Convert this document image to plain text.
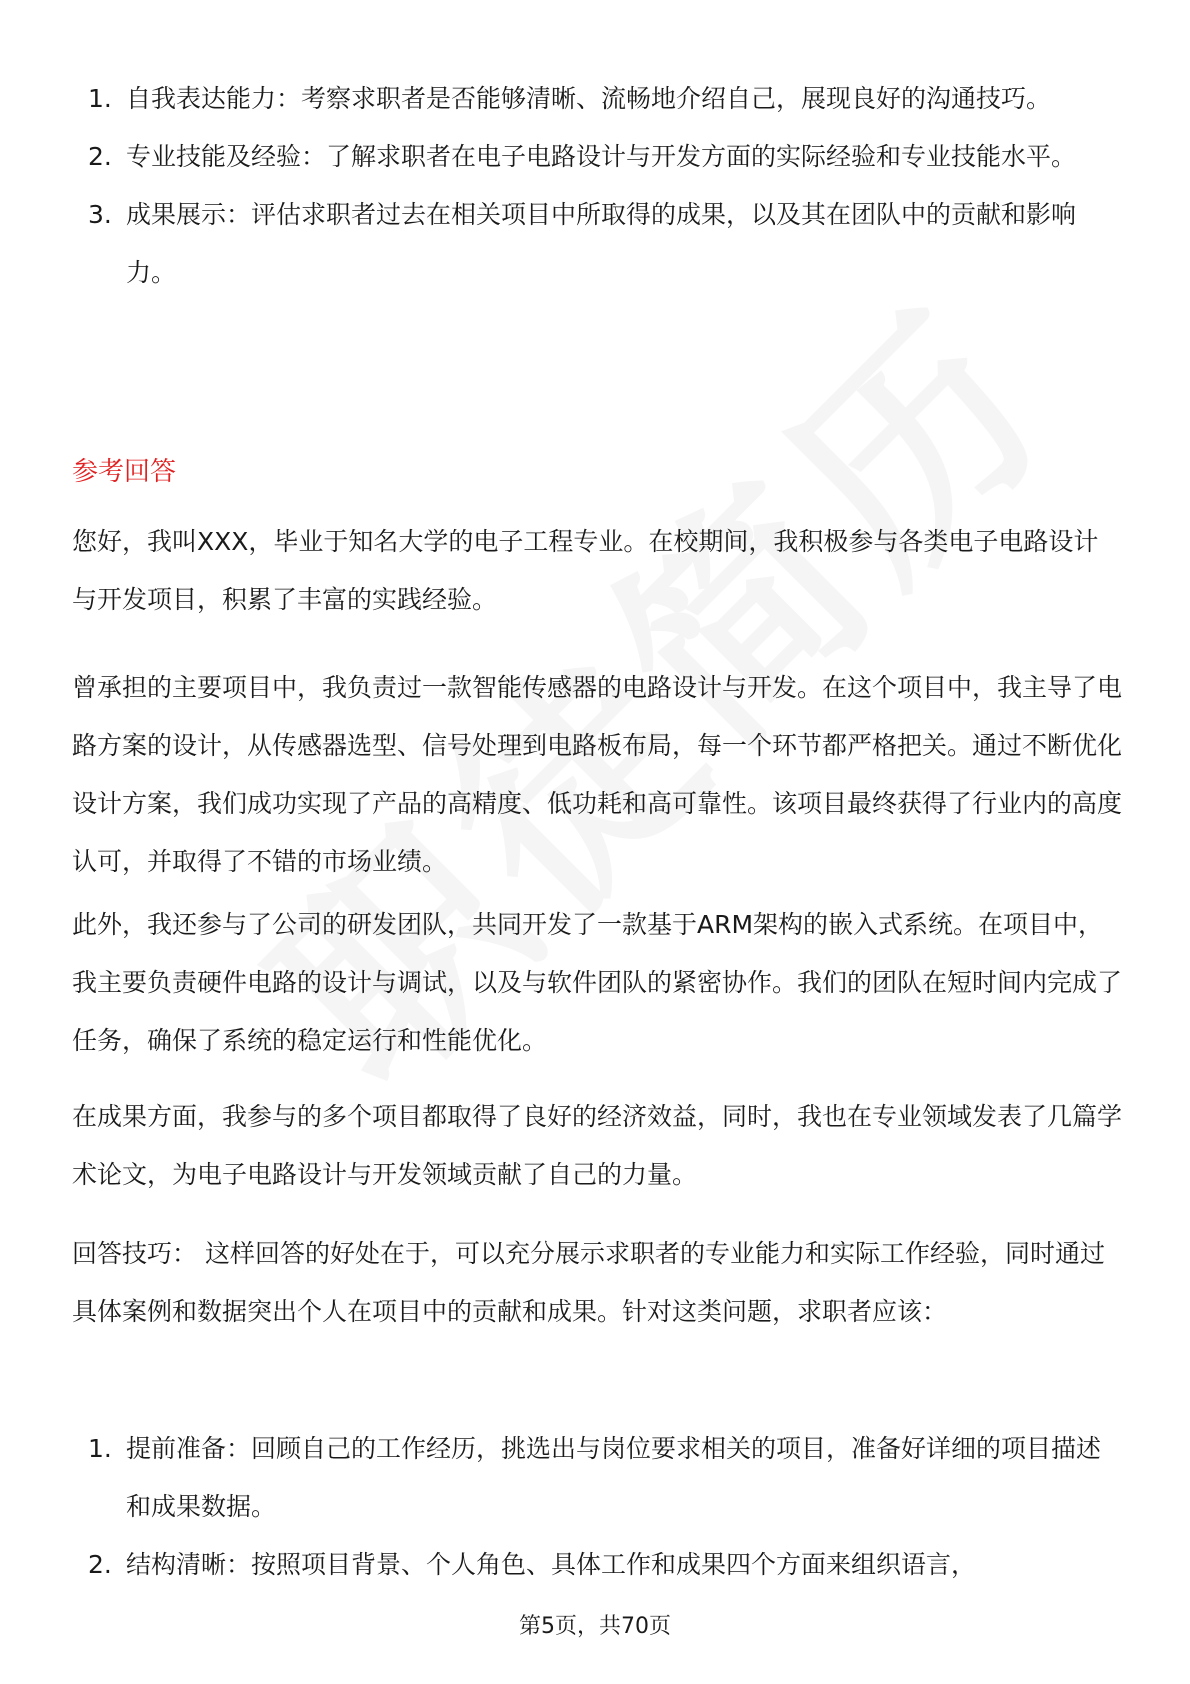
1. 自我表达能力：考察求职者是否能够清晰、流畅地介绍自己，展现良好的沟通技巧。
2. 专业技能及经验：了解求职者在电子电路设计与开发方面的实际经验和专业技能水平。
3. 成果展示：评估求职者过去在相关项目中所取得的成果，以及其在团队中的贡献和影响力。
参考回答

您好，我叫XXX，毕业于知名大学的电子工程专业。在校期间，我积极参与各类电子电路设计与开发项目，积累了丰富的实践经验。

曾承担的主要项目中，我负责过一款智能传感器的电路设计与开发。在这个项目中，我主导了电路方案的设计，从传感器选型、信号处理到电路板布局，每一个环节都严格把关。通过不断优化设计方案，我们成功实现了产品的高精度、低功耗和高可靠性。该项目最终获得了行业内的高度认可，并取得了不错的市场业绩。

此外，我还参与了公司的研发团队，共同开发了一款基于ARM架构的嵌入式系统。在项目中，我主要负责硬件电路的设计与调试，以及与软件团队的紧密协作。我们的团队在短时间内完成了任务，确保了系统的稳定运行和性能优化。

在成果方面，我参与的多个项目都取得了良好的经济效益，同时，我也在专业领域发表了几篇学术论文，为电子电路设计与开发领域贡献了自己的力量。

回答技巧： 这样回答的好处在于，可以充分展示求职者的专业能力和实际工作经验，同时通过具体案例和数据突出个人在项目中的贡献和成果。针对这类问题，求职者应该：

1. 提前准备：回顾自己的工作经历，挑选出与岗位要求相关的项目，准备好详细的项目描述和成果数据。
2. 结构清晰：按照项目背景、个人角色、具体工作和成果四个方面来组织语言，
第5页，共70页
